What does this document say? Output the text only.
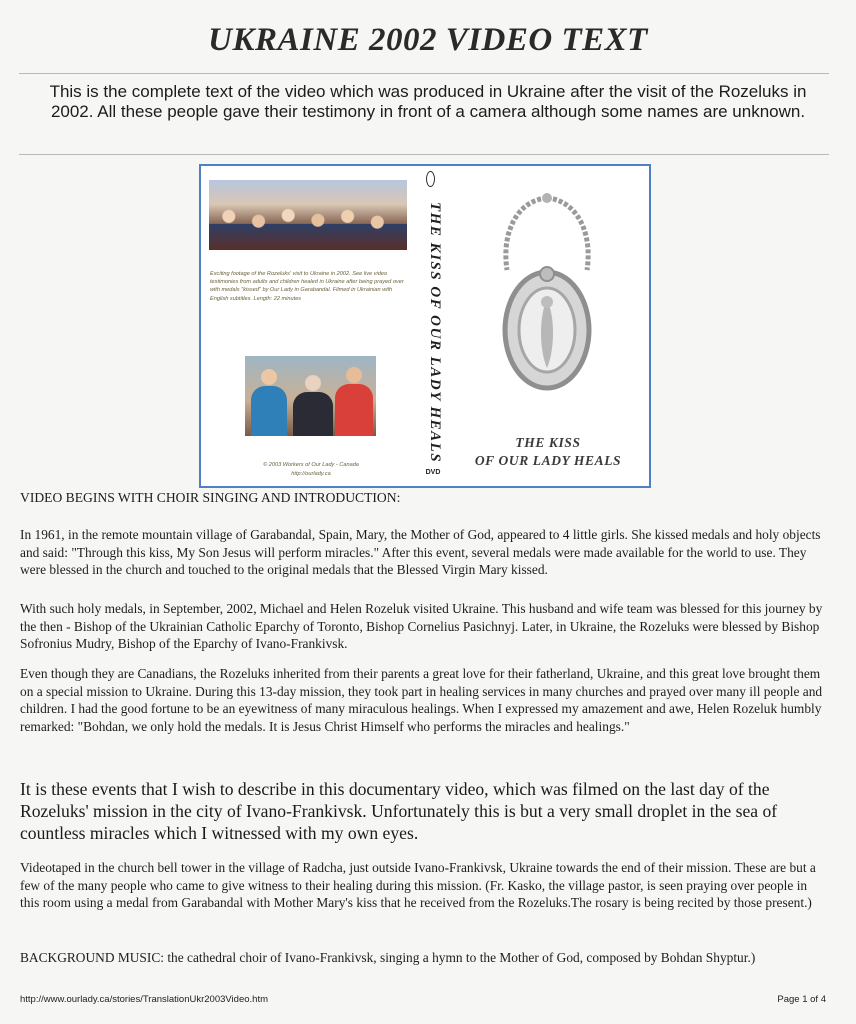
UKRAINE 2002 VIDEO TEXT
This is the complete text of the video which was produced in Ukraine after the visit of the Rozeluks in 2002. All these people gave their testimony in front of a camera although some names are unknown.
Exciting footage of the Rozeluks' visit to Ukraine in 2002. See live video testimonies from adults and children healed in Ukraine after being prayed over with medals "kissed" by Our Lady in Garabandal. Filmed in Ukrainian with English subtitles. Length: 22 minutes
© 2003 Workers of Our Lady - Canada
http://ourlady.ca
THE KISS OF OUR LADY HEALS
DVD
THE KISS
OF OUR LADY HEALS
VIDEO BEGINS WITH CHOIR SINGING AND INTRODUCTION:

In 1961, in the remote mountain village of Garabandal, Spain, Mary, the Mother of God, appeared to 4 little girls. She kissed medals and holy objects and said: "Through this kiss, My Son Jesus will perform miracles." After this event, several medals were made available for the world to use. They were blessed in the church and touched to the original medals that the Blessed Virgin Mary kissed.

With such holy medals, in September, 2002, Michael and Helen Rozeluk visited Ukraine. This husband and wife team was blessed for this journey by the then - Bishop of the Ukrainian Catholic Eparchy of Toronto, Bishop Cornelius Pasichnyj. Later, in Ukraine, the Rozeluks were blessed by Bishop Sofronius Mudry, Bishop of the Eparchy of Ivano-Frankivsk.

Even though they are Canadians, the Rozeluks inherited from their parents a great love for their fatherland, Ukraine, and this great love brought them on a special mission to Ukraine. During this 13-day mission, they took part in healing services in many churches and prayed over many ill people and children. I had the good fortune to be an eyewitness of many miraculous healings. When I expressed my amazement and awe, Helen Rozeluk humbly remarked: "Bohdan, we only hold the medals. It is Jesus Christ Himself who performs the miracles and healings."

It is these events that I wish to describe in this documentary video, which was filmed on the last day of the Rozeluks' mission in the city of Ivano-Frankivsk. Unfortunately this is but a very small droplet in the sea of countless miracles which I witnessed with my own eyes.

Videotaped in the church bell tower in the village of Radcha, just outside Ivano-Frankivsk, Ukraine towards the end of their mission. These are but a few of the many people who came to give witness to their healing during this mission. (Fr. Kasko, the village pastor, is seen praying over people in this room using a medal from Garabandal with Mother Mary's kiss that he received from the Rozeluks.The rosary is being recited by those present.)

BACKGROUND MUSIC: the cathedral choir of Ivano-Frankivsk, singing a hymn to the Mother of God, composed by Bohdan Shyptur.)

http://www.ourlady.ca/stories/TranslationUkr2003Video.htm	Page 1 of 4
